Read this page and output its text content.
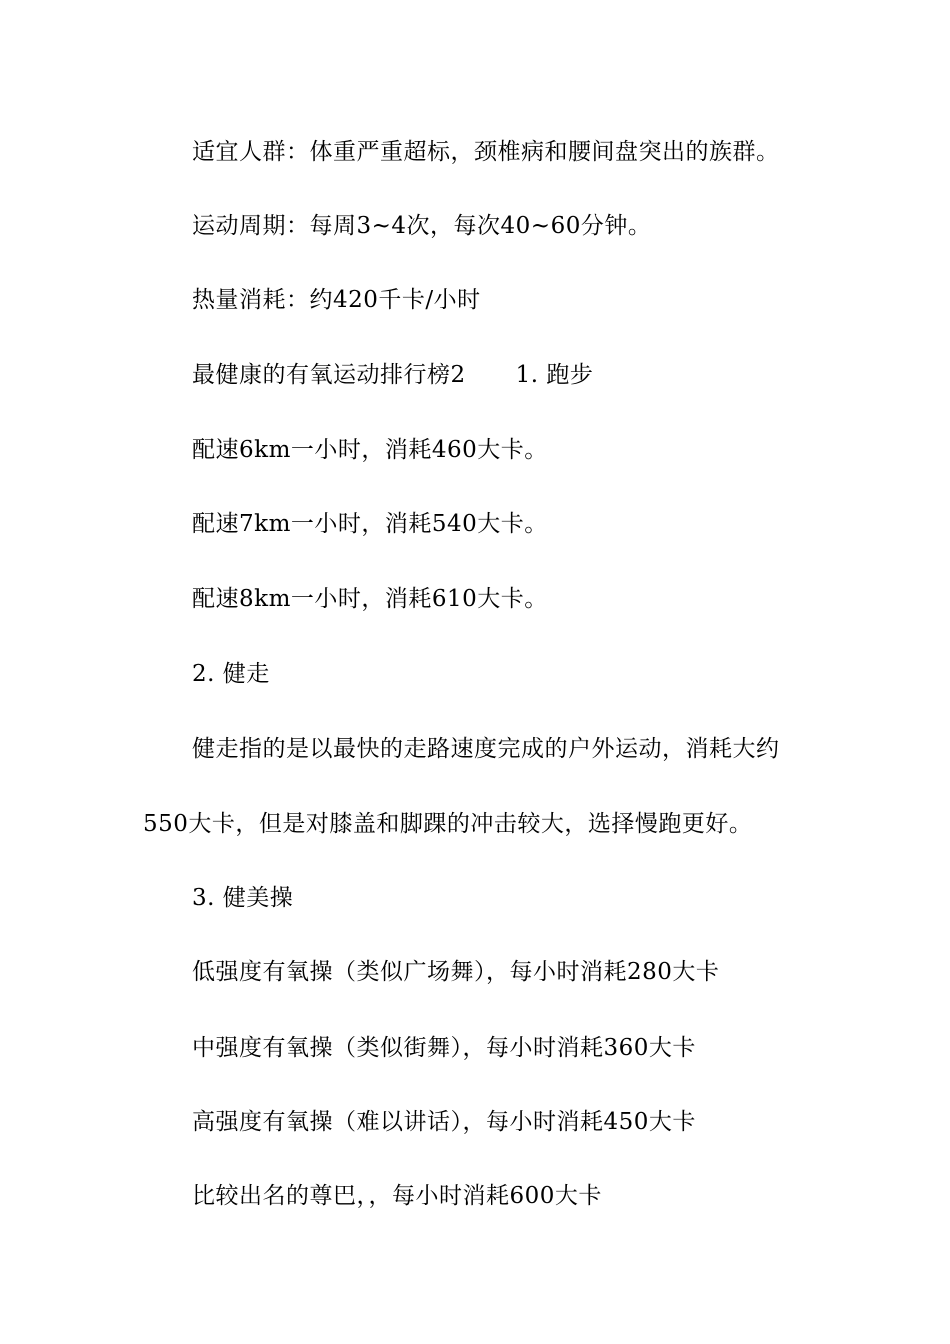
适宜人群：体重严重超标，颈椎病和腰间盘突出的族群。
运动周期：每周3~4次，每次40~60分钟。
热量消耗：约420千卡/小时
最健康的有氧运动排行榜2 1. 跑步
配速6km一小时，消耗460大卡。
配速7km一小时，消耗540大卡。
配速8km一小时，消耗610大卡。
2. 健走
健走指的是以最快的走路速度完成的户外运动，消耗大约
550大卡，但是对膝盖和脚踝的冲击较大，选择慢跑更好。
3. 健美操
低强度有氧操（类似广场舞），每小时消耗280大卡
中强度有氧操（类似街舞），每小时消耗360大卡
高强度有氧操（难以讲话），每小时消耗450大卡
比较出名的尊巴，，每小时消耗600大卡
